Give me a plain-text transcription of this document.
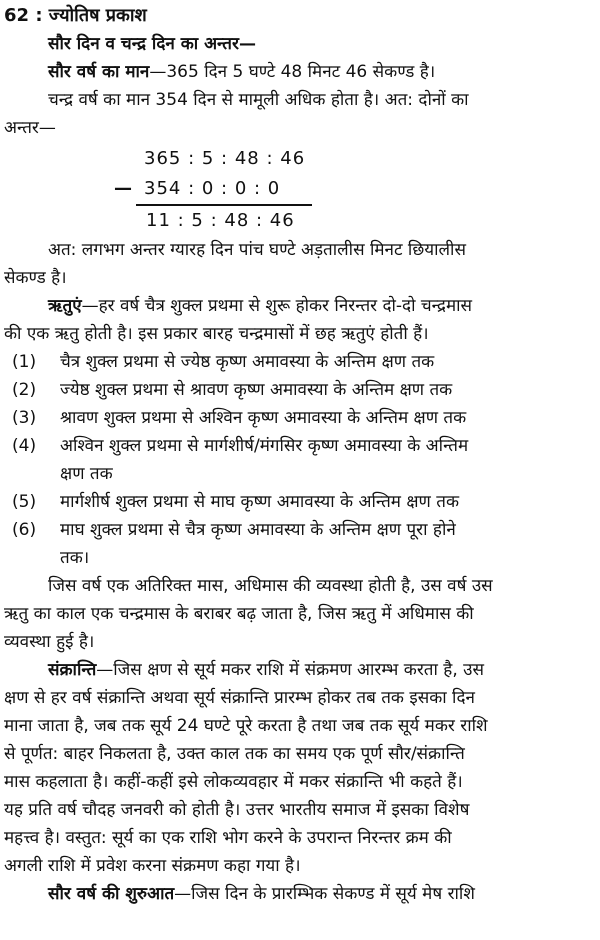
62 : ज्योतिष प्रकाश
सौर दिन व चन्द्र दिन का अन्तर—
सौर वर्ष का मान—365 दिन 5 घण्टे 48 मिनट 46 सेकण्ड है।
चन्द्र वर्ष का मान 354 दिन से मामूली अधिक होता है। अत: दोनों का
अन्तर—
365 : 5 : 48 : 46
— 354 : 0 : 0 : 0
11 : 5 : 48 : 46
अत: लगभग अन्तर ग्यारह दिन पांच घण्टे अड़तालीस मिनट छियालीस
सेकण्ड है।
ऋतुएं—हर वर्ष चैत्र शुक्ल प्रथमा से शुरू होकर निरन्तर दो-दो चन्द्रमास
की एक ऋतु होती है। इस प्रकार बारह चन्द्रमासों में छह ऋतुएं होती हैं।
(1)	चैत्र शुक्ल प्रथमा से ज्येष्ठ कृष्ण अमावस्या के अन्तिम क्षण तक
(2)	ज्येष्ठ शुक्ल प्रथमा से श्रावण कृष्ण अमावस्या के अन्तिम क्षण तक
(3)	श्रावण शुक्ल प्रथमा से अश्विन कृष्ण अमावस्या के अन्तिम क्षण तक
(4)	अश्विन शुक्ल प्रथमा से मार्गशीर्ष/मंगसिर कृष्ण अमावस्या के अन्तिम
क्षण तक
(5)	मार्गशीर्ष शुक्ल प्रथमा से माघ कृष्ण अमावस्या के अन्तिम क्षण तक
(6)	माघ शुक्ल प्रथमा से चैत्र कृष्ण अमावस्या के अन्तिम क्षण पूरा होने
तक।
जिस वर्ष एक अतिरिक्त मास, अधिमास की व्यवस्था होती है, उस वर्ष उस
ऋतु का काल एक चन्द्रमास के बराबर बढ़ जाता है, जिस ऋतु में अधिमास की
व्यवस्था हुई है।
संक्रान्ति—जिस क्षण से सूर्य मकर राशि में संक्रमण आरम्भ करता है, उस
क्षण से हर वर्ष संक्रान्ति अथवा सूर्य संक्रान्ति प्रारम्भ होकर तब तक इसका दिन
माना जाता है, जब तक सूर्य 24 घण्टे पूरे करता है तथा जब तक सूर्य मकर राशि
से पूर्णत: बाहर निकलता है, उक्त काल तक का समय एक पूर्ण सौर/संक्रान्ति
मास कहलाता है। कहीं-कहीं इसे लोकव्यवहार में मकर संक्रान्ति भी कहते हैं।
यह प्रति वर्ष चौदह जनवरी को होती है। उत्तर भारतीय समाज में इसका विशेष
महत्त्व है। वस्तुत: सूर्य का एक राशि भोग करने के उपरान्त निरन्तर क्रम की
अगली राशि में प्रवेश करना संक्रमण कहा गया है।
सौर वर्ष की शुरुआत—जिस दिन के प्रारम्भिक सेकण्ड में सूर्य मेष राशि
